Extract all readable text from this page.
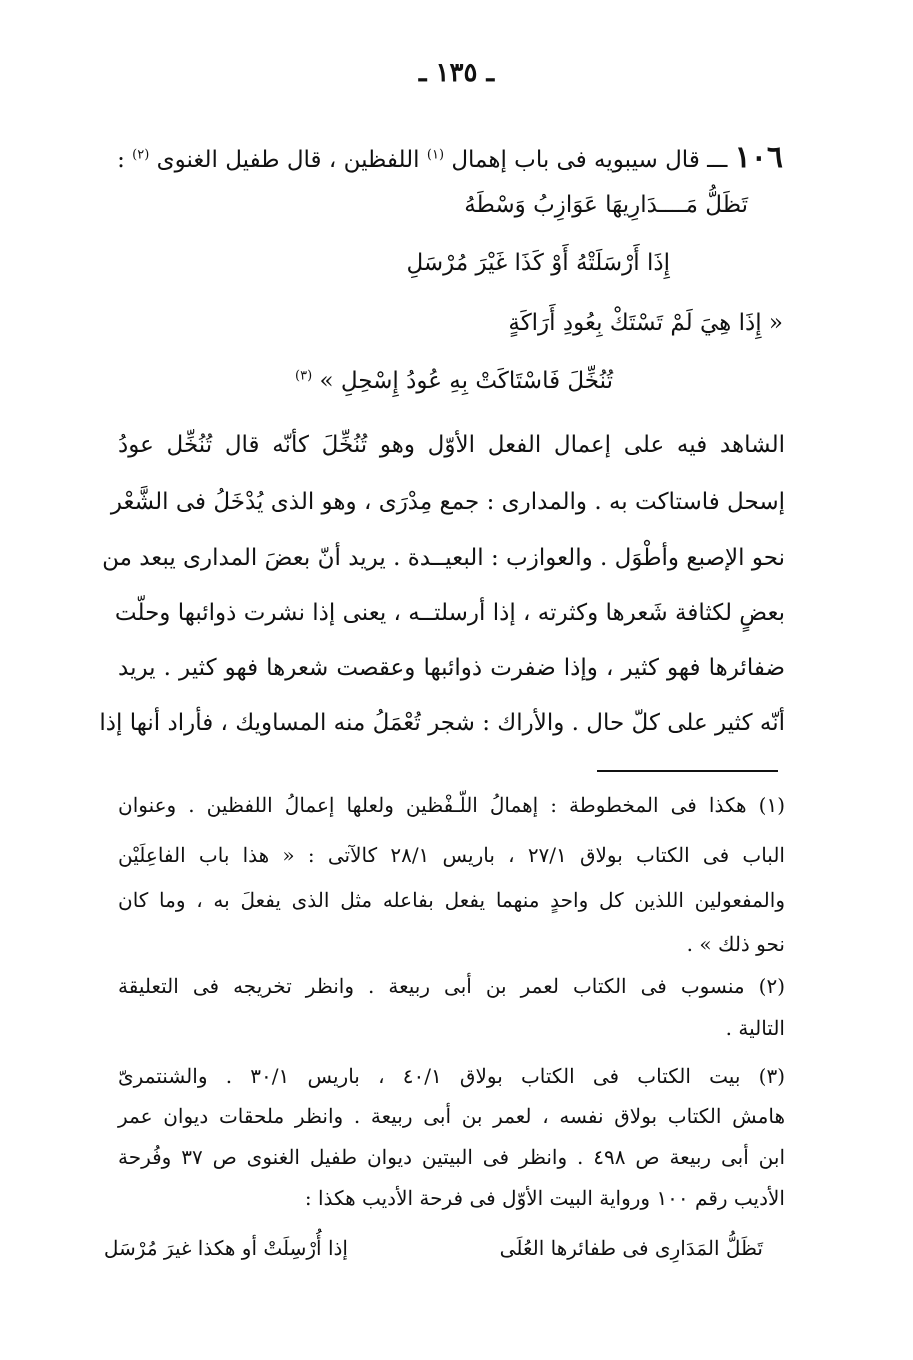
ـ ١٣٥ ـ
١٠٦ ـــ قال سيبويه فى باب إهمال $^{(١)}$ اللفظين ، قال طفيل الغنوى $^{(٢)}$ :
تَظَلُّ مَــــدَارِيهَا عَوَازِبُ وَسْطَهُ
إِذَا أَرْسَلَتْهُ أَوْ كَذَا غَيْرَ مُرْسَلِ
« إِذَا هِيَ لَمْ تَسْتَكْ بِعُودِ أَرَاكَةٍ
تُنُخِّلَ فَاسْتَاكَتْ بِهِ عُودُ إِسْحِلِ » $^{(٣)}$
الشاهد فيه على إعمال الفعل الأوّل وهو تُنُخِّلَ كأنّه قال تُنُخِّل عودُ
إسحل فاستاكت به . والمدارى : جمع مِدْرَى ، وهو الذى يُدْخَلُ فى الشَّعْر
نحو الإصبع وأطْوَل . والعوازب : البعيــدة . يريد أنّ بعضَ المدارى يبعد من
بعضٍ لكثافة شَعرها وكثرته ، إذا أرسلتــه ، يعنى إذا نشرت ذوائبها وحلّت
ضفائرها فهو كثير ، وإذا ضفرت ذوائبها وعقصت شعرها فهو كثير . يريد
أنّه كثير على كلّ حال . والأراك : شجر تُعْمَلُ منه المساويك ، فأراد أنها إذا
(١) هكذا فى المخطوطة : إهمالُ اللّـفْظين ولعلها إعمالُ اللفظين . وعنوان
الباب فى الكتاب بولاق ٢٧/١ ، باريس ٢٨/١ كالآتى : « هذا باب الفاعِلَيْن
والمفعولين اللذين كل واحدٍ منهما يفعل بفاعله مثل الذى يفعلَ به ، وما كان
نحو ذلك » .
(٢) منسوب فى الكتاب لعمر بن أبى ربيعة . وانظر تخريجه فى التعليقة
التالية .
(٣) بيت الكتاب فى الكتاب بولاق ٤٠/١ ، باريس ٣٠/١ . والشنتمرىّ
هامش الكتاب بولاق نفسه ، لعمر بن أبى ربيعة . وانظر ملحقات ديوان عمر
ابن أبى ربيعة ص ٤٩٨ . وانظر فى البيتين ديوان طفيل الغنوى ص ٣٧ وفُرحة
الأديب رقم ١٠٠ ورواية البيت الأوّل فى فرحة الأديب هكذا :
تَظَلُّ المَدَارِى فى طفائرها العُلَى
إذا أُرْسِلَتْ أو هكذا غيرَ مُرْسَل
